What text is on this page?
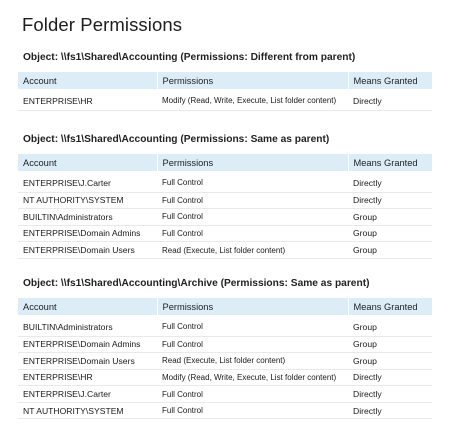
Folder Permissions
Object: \\fs1\Shared\Accounting (Permissions: Different from parent)
Account	Permissions	Means Granted
ENTERPRISE\HR	Modify (Read, Write, Execute, List folder content)	Directly
Object: \\fs1\Shared\Accounting (Permissions: Same as parent)
Account	Permissions	Means Granted
ENTERPRISE\J.Carter	Full Control	Directly
NT AUTHORITY\SYSTEM	Full Control	Directly
BUILTIN\Administrators	Full Control	Group
ENTERPRISE\Domain Admins	Full Control	Group
ENTERPRISE\Domain Users	Read (Execute, List folder content)	Group
Object: \\fs1\Shared\Accounting\Archive (Permissions: Same as parent)
Account	Permissions	Means Granted
BUILTIN\Administrators	Full Control	Group
ENTERPRISE\Domain Admins	Full Control	Group
ENTERPRISE\Domain Users	Read (Execute, List folder content)	Group
ENTERPRISE\HR	Modify (Read, Write, Execute, List folder content)	Directly
ENTERPRISE\J.Carter	Full Control	Directly
NT AUTHORITY\SYSTEM	Full Control	Directly
